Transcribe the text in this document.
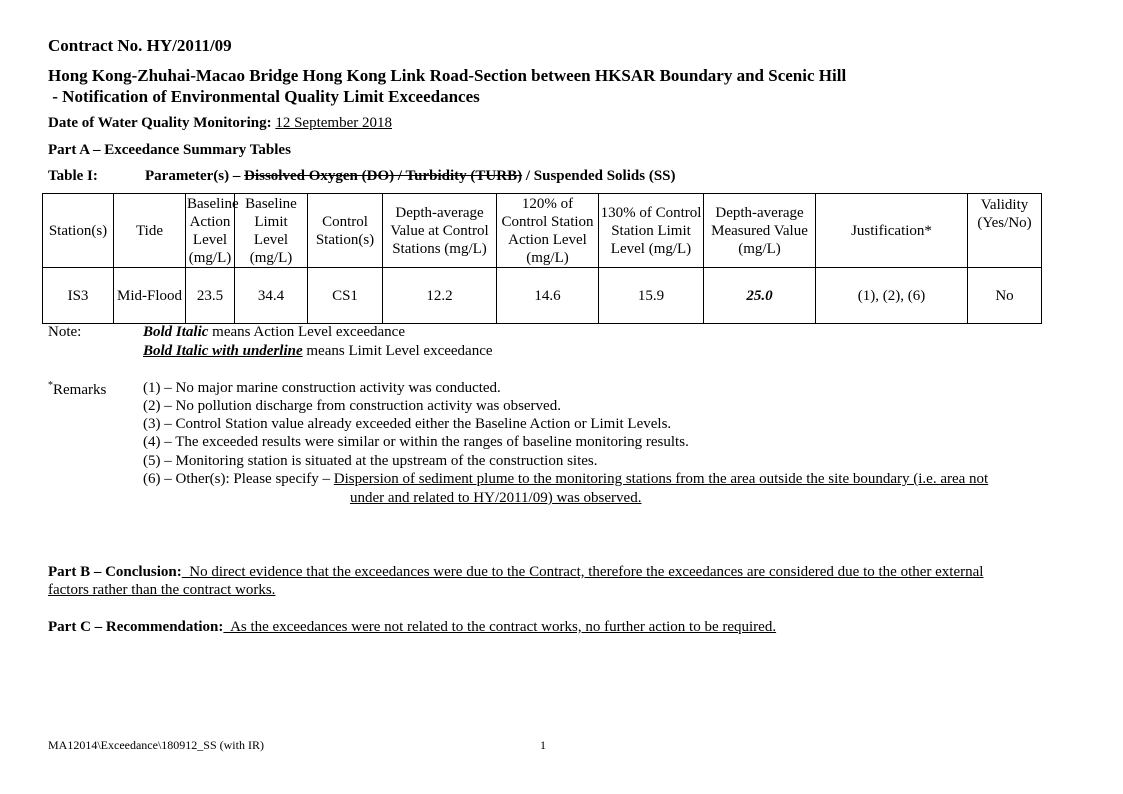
Contract No. HY/2011/09
Hong Kong-Zhuhai-Macao Bridge Hong Kong Link Road-Section between HKSAR Boundary and Scenic Hill
- Notification of Environmental Quality Limit Exceedances
Date of Water Quality Monitoring: 12 September 2018
Part A – Exceedance Summary Tables
Table I:	Parameter(s) – Dissolved Oxygen (DO) / Turbidity (TURB) / Suspended Solids (SS)
Station(s)	Tide	Baseline Action Level (mg/L)	Baseline Limit Level (mg/L)	Control Station(s)	Depth-average Value at Control Stations (mg/L)	120% of Control Station Action Level (mg/L)	130% of Control Station Limit Level (mg/L)	Depth-average Measured Value (mg/L)	Justification*	Validity (Yes/No)
IS3	Mid-Flood	23.5	34.4	CS1	12.2	14.6	15.9	25.0	(1), (2), (6)	No
Note:	Bold Italic means Action Level exceedance
Bold Italic with underline means Limit Level exceedance
*Remarks (1) – No major marine construction activity was conducted.
(2) – No pollution discharge from construction activity was observed.
(3) – Control Station value already exceeded either the Baseline Action or Limit Levels.
(4) – The exceeded results were similar or within the ranges of baseline monitoring results.
(5) – Monitoring station is situated at the upstream of the construction sites.
(6) – Other(s): Please specify – Dispersion of sediment plume to the monitoring stations from the area outside the site boundary (i.e. area not
under and related to HY/2011/09) was observed.
Part B – Conclusion:  No direct evidence that the exceedances were due to the Contract, therefore the exceedances are considered due to the other external
factors rather than the contract works.
Part C – Recommendation:  As the exceedances were not related to the contract works, no further action to be required.
MA12014\Exceedance\180912_SS (with IR)	1
